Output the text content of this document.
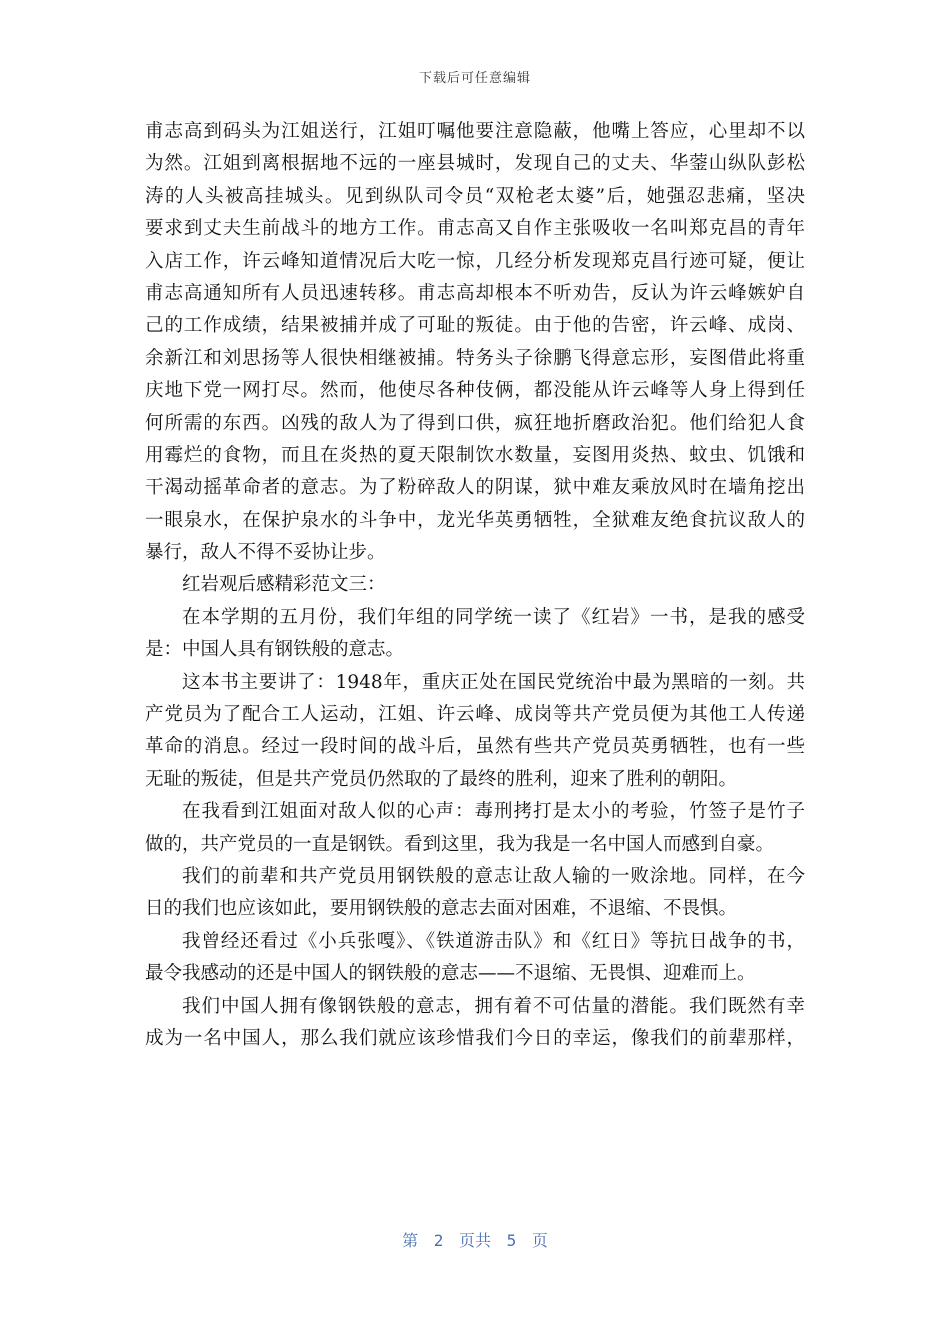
下载后可任意编辑
甫志高到码头为江姐送行，江姐叮嘱他要注意隐蔽，他嘴上答应，心里却不以
为然。江姐到离根据地不远的一座县城时，发现自己的丈夫、华蓥山纵队彭松
涛的人头被高挂城头。见到纵队司令员“双枪老太婆”后，她强忍悲痛，坚决
要求到丈夫生前战斗的地方工作。甫志高又自作主张吸收一名叫郑克昌的青年
入店工作，许云峰知道情况后大吃一惊，几经分析发现郑克昌行迹可疑，便让
甫志高通知所有人员迅速转移。甫志高却根本不听劝告，反认为许云峰嫉妒自
己的工作成绩，结果被捕并成了可耻的叛徒。由于他的告密，许云峰、成岗、
余新江和刘思扬等人很快相继被捕。特务头子徐鹏飞得意忘形，妄图借此将重
庆地下党一网打尽。然而，他使尽各种伎俩，都没能从许云峰等人身上得到任
何所需的东西。凶残的敌人为了得到口供，疯狂地折磨政治犯。他们给犯人食
用霉烂的食物，而且在炎热的夏天限制饮水数量，妄图用炎热、蚊虫、饥饿和
干渴动摇革命者的意志。为了粉碎敌人的阴谋，狱中难友乘放风时在墙角挖出
一眼泉水，在保护泉水的斗争中，龙光华英勇牺牲，全狱难友绝食抗议敌人的
暴行，敌人不得不妥协让步。
红岩观后感精彩范文三：
在本学期的五月份，我们年组的同学统一读了《红岩》一书，是我的感受
是：中国人具有钢铁般的意志。
这本书主要讲了：1948年，重庆正处在国民党统治中最为黑暗的一刻。共
产党员为了配合工人运动，江姐、许云峰、成岗等共产党员便为其他工人传递
革命的消息。经过一段时间的战斗后，虽然有些共产党员英勇牺牲，也有一些
无耻的叛徒，但是共产党员仍然取的了最终的胜利，迎来了胜利的朝阳。
在我看到江姐面对敌人似的心声：毒刑拷打是太小的考验，竹签子是竹子
做的，共产党员的一直是钢铁。看到这里，我为我是一名中国人而感到自豪。
我们的前辈和共产党员用钢铁般的意志让敌人输的一败涂地。同样，在今
日的我们也应该如此，要用钢铁般的意志去面对困难，不退缩、不畏惧。
我曾经还看过《小兵张嘎》、《铁道游击队》和《红日》等抗日战争的书，
最令我感动的还是中国人的钢铁般的意志——不退缩、无畏惧、迎难而上。
我们中国人拥有像钢铁般的意志，拥有着不可估量的潜能。我们既然有幸
成为一名中国人，那么我们就应该珍惜我们今日的幸运，像我们的前辈那样，
第 2 页共 5 页
